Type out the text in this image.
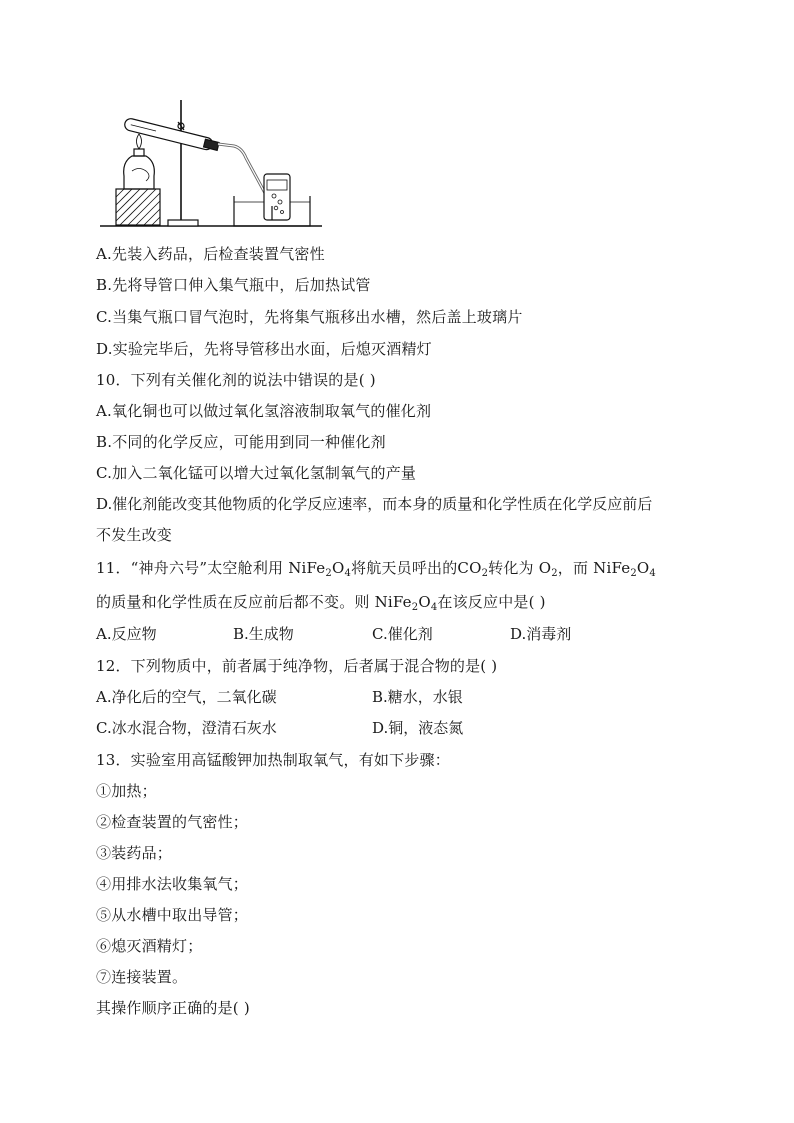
A.先装入药品，后检查装置气密性
B.先将导管口伸入集气瓶中，后加热试管
C.当集气瓶口冒气泡时，先将集气瓶移出水槽，然后盖上玻璃片
D.实验完毕后，先将导管移出水面，后熄灭酒精灯
10．下列有关催化剂的说法中错误的是( )
A.氧化铜也可以做过氧化氢溶液制取氧气的催化剂
B.不同的化学反应，可能用到同一种催化剂
C.加入二氧化锰可以增大过氧化氢制氧气的产量
D.催化剂能改变其他物质的化学反应速率，而本身的质量和化学性质在化学反应前后
不发生改变
11．“神舟六号”太空舱利用 $NiFe_2O_4$将航天员呼出的$CO_2$转化为 $O_2$，而 $NiFe_2O_4$
的质量和化学性质在反应前后都不变。则 $NiFe_2O_4$在该反应中是( )
A.反应物	B.生成物	C.催化剂	D.消毒剂
12．下列物质中，前者属于纯净物，后者属于混合物的是( )
A.净化后的空气，二氧化碳	B.糖水，水银
C.冰水混合物，澄清石灰水	D.铜，液态氮
13．实验室用高锰酸钾加热制取氧气，有如下步骤：
①加热；
②检查装置的气密性；
③装药品；
④用排水法收集氧气；
⑤从水槽中取出导管；
⑥熄灭酒精灯；
⑦连接装置。
其操作顺序正确的是( )
